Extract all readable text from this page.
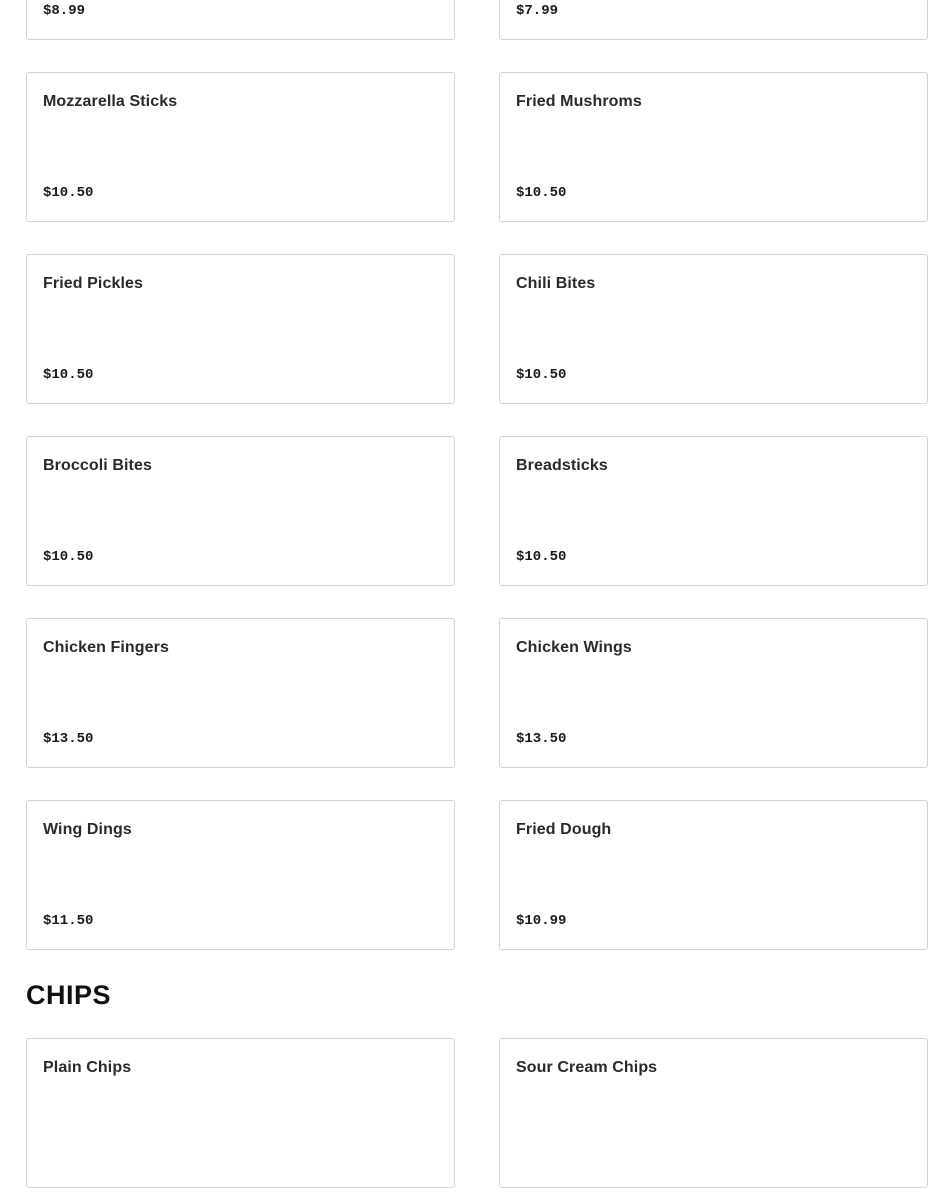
$8.99	$7.99
Mozzarella Sticks
$10.50
Fried Mushroms
$10.50
Fried Pickles
$10.50
Chili Bites
$10.50
Broccoli Bites
$10.50
Breadsticks
$10.50
Chicken Fingers
$13.50
Chicken Wings
$13.50
Wing Dings
$11.50
Fried Dough
$10.99
CHIPS
Plain Chips	Sour Cream Chips
